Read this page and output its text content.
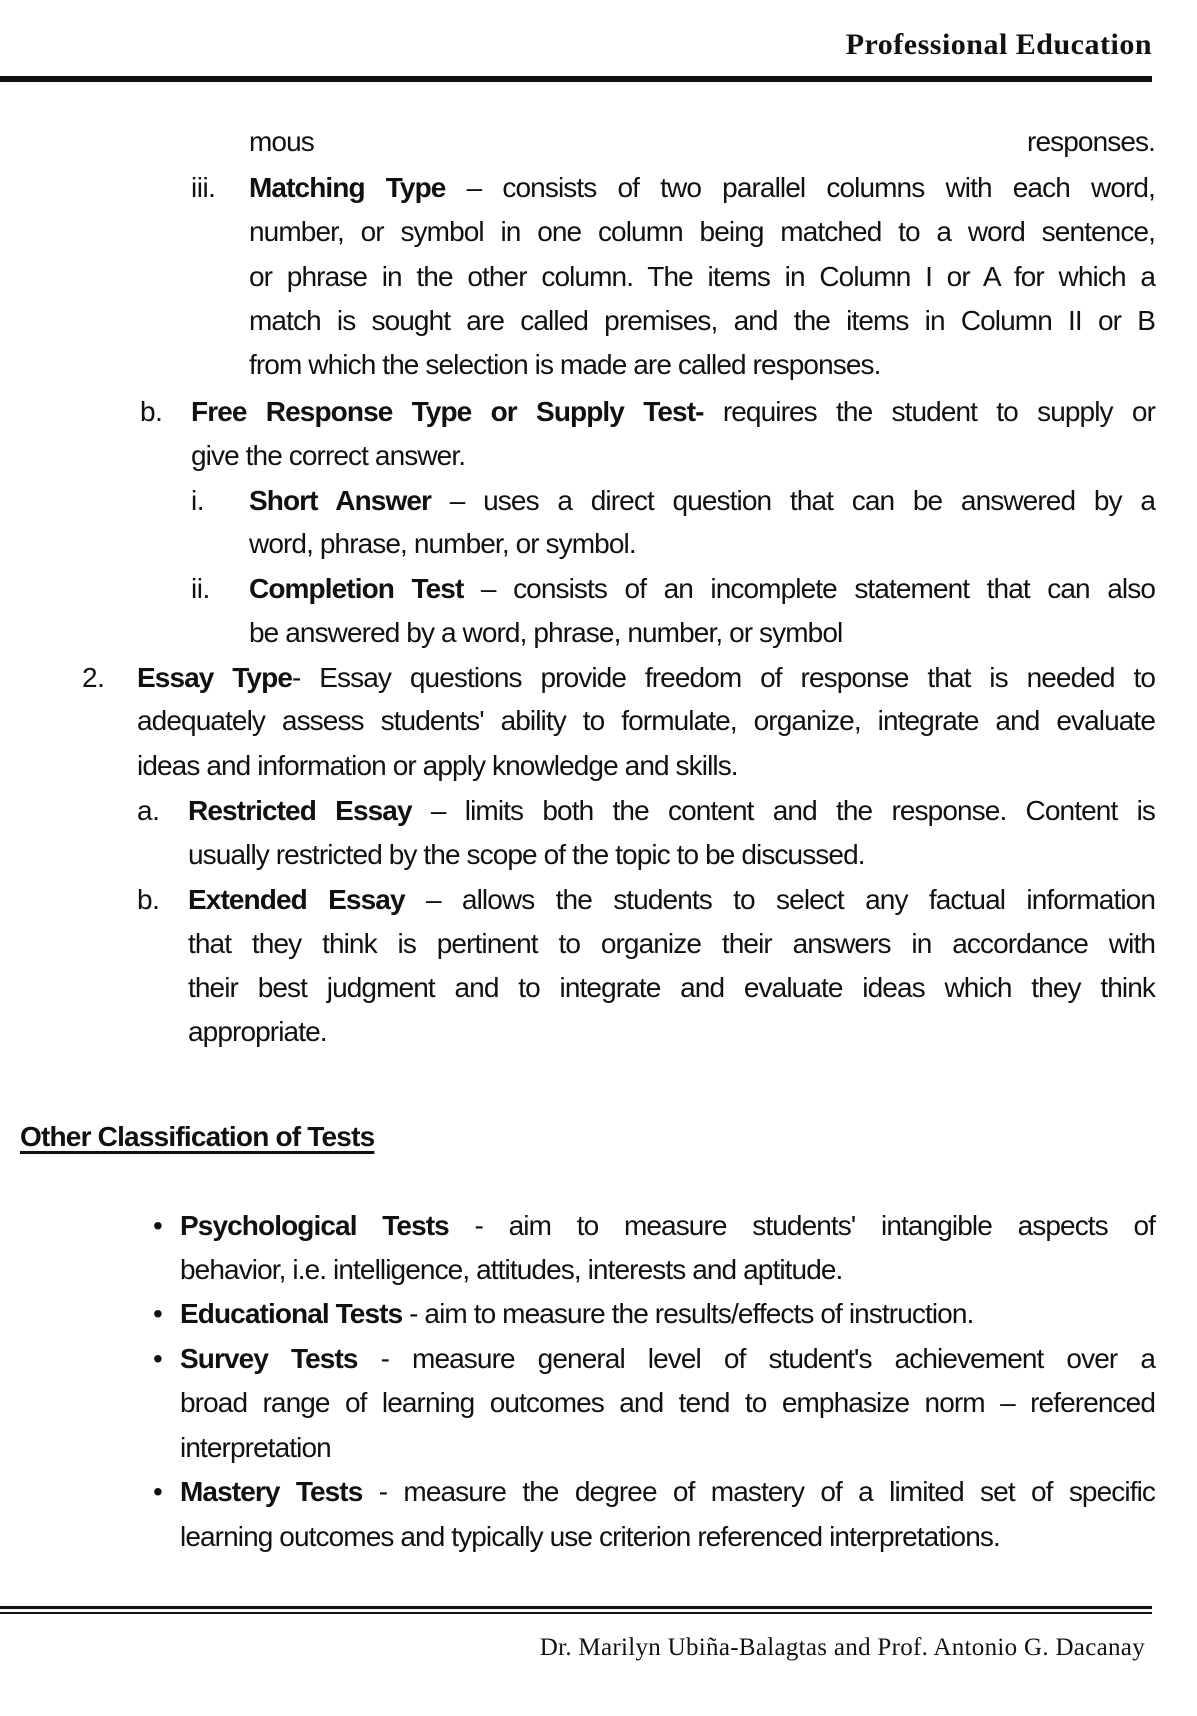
Professional Education
mous responses.
iii. Matching Type – consists of two parallel columns with each word,
number, or symbol in one column being matched to a word sentence,
or phrase in the other column. The items in Column I or A for which a
match is sought are called premises, and the items in Column II or B
from which the selection is made are called responses.
b. Free Response Type or Supply Test- requires the student to supply or
give the correct answer.
i. Short Answer – uses a direct question that can be answered by a
word, phrase, number, or symbol.
ii. Completion Test – consists of an incomplete statement that can also
be answered by a word, phrase, number, or symbol
2. Essay Type- Essay questions provide freedom of response that is needed to
adequately assess students' ability to formulate, organize, integrate and evaluate
ideas and information or apply knowledge and skills.
a. Restricted Essay – limits both the content and the response. Content is
usually restricted by the scope of the topic to be discussed.
b. Extended Essay – allows the students to select any factual information
that they think is pertinent to organize their answers in accordance with
their best judgment and to integrate and evaluate ideas which they think
appropriate.
• Psychological Tests - aim to measure students' intangible aspects of
behavior, i.e. intelligence, attitudes, interests and aptitude.
• Educational Tests - aim to measure the results/effects of instruction.
• Survey Tests - measure general level of student's achievement over a
broad range of learning outcomes and tend to emphasize norm – referenced
interpretation
• Mastery Tests - measure the degree of mastery of a limited set of specific
learning outcomes and typically use criterion referenced interpretations.
Other Classification of Tests
Dr. Marilyn Ubiña-Balagtas and Prof. Antonio G. Dacanay
